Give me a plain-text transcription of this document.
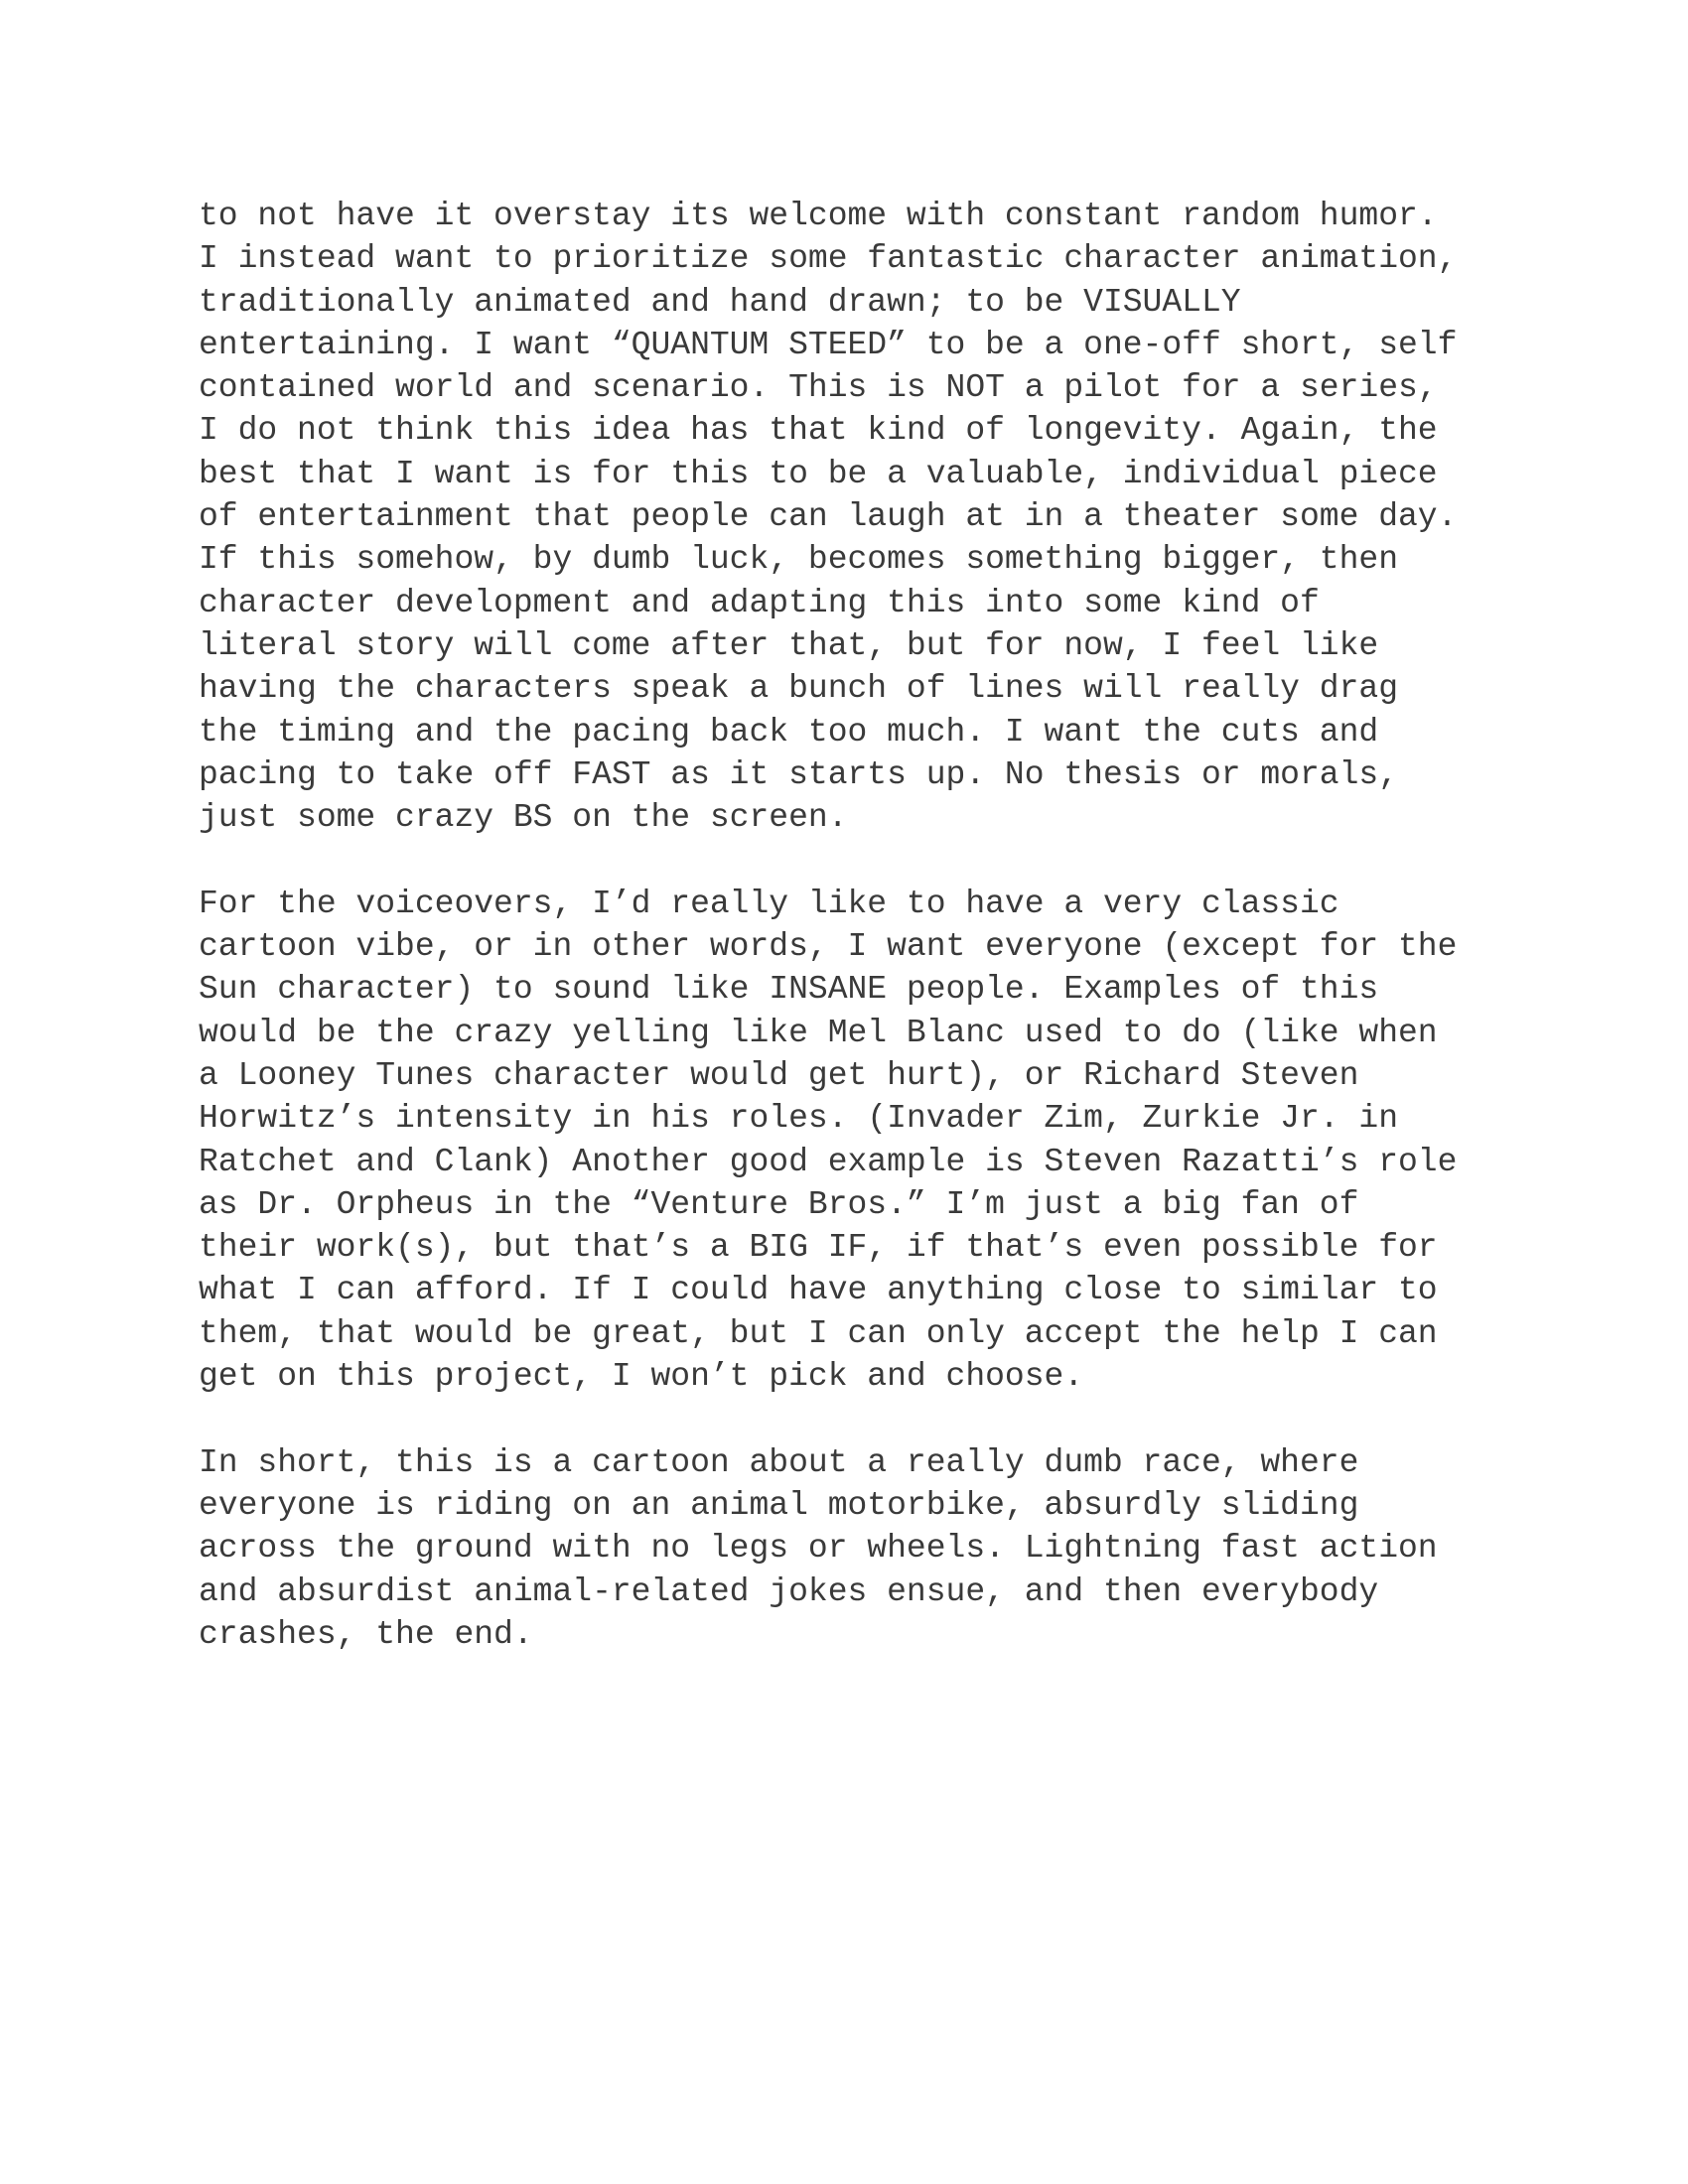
to not have it overstay its welcome with constant random humor.
I instead want to prioritize some fantastic character animation,
traditionally animated and hand drawn; to be VISUALLY
entertaining. I want “QUANTUM STEED” to be a one-off short, self
contained world and scenario. This is NOT a pilot for a series,
I do not think this idea has that kind of longevity. Again, the
best that I want is for this to be a valuable, individual piece
of entertainment that people can laugh at in a theater some day.
If this somehow, by dumb luck, becomes something bigger, then
character development and adapting this into some kind of
literal story will come after that, but for now, I feel like
having the characters speak a bunch of lines will really drag
the timing and the pacing back too much. I want the cuts and
pacing to take off FAST as it starts up. No thesis or morals,
just some crazy BS on the screen.
For the voiceovers, I’d really like to have a very classic
cartoon vibe, or in other words, I want everyone (except for the
Sun character) to sound like INSANE people. Examples of this
would be the crazy yelling like Mel Blanc used to do (like when
a Looney Tunes character would get hurt), or Richard Steven
Horwitz’s intensity in his roles. (Invader Zim, Zurkie Jr. in
Ratchet and Clank) Another good example is Steven Razatti’s role
as Dr. Orpheus in the “Venture Bros.” I’m just a big fan of
their work(s), but that’s a BIG IF, if that’s even possible for
what I can afford. If I could have anything close to similar to
them, that would be great, but I can only accept the help I can
get on this project, I won’t pick and choose.
In short, this is a cartoon about a really dumb race, where
everyone is riding on an animal motorbike, absurdly sliding
across the ground with no legs or wheels. Lightning fast action
and absurdist animal-related jokes ensue, and then everybody
crashes, the end.
